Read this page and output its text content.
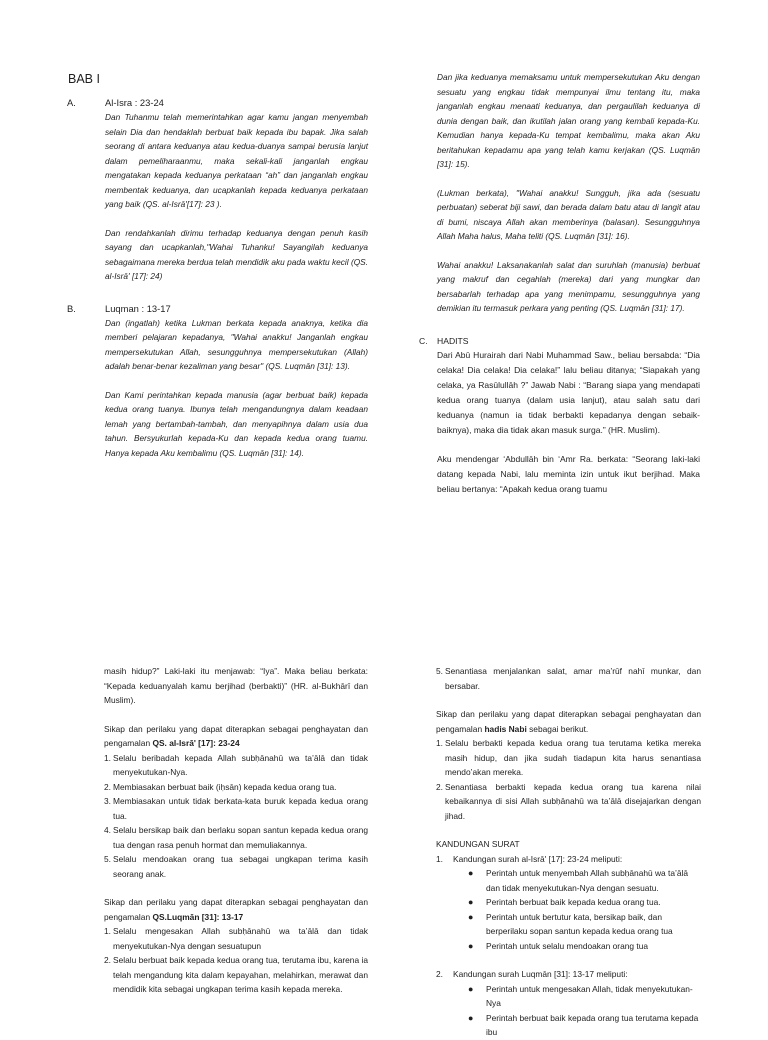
BAB I
A.	Al-Isra : 23-24

Dan Tuhanmu telah memerintahkan agar kamu jangan menyembah selain Dia dan hendaklah berbuat baik kepada ibu bapak. Jika salah seorang di antara keduanya atau kedua-duanya sampai berusia lanjut dalam pemeliharaanmu, maka sekali-kali janganlah engkau mengatakan kepada keduanya perkataan “ah” dan janganlah engkau membentak keduanya, dan ucapkanlah kepada keduanya perkataan yang baik (QS. al-Isrā'[17]: 23 ).

Dan rendahkanlah dirimu terhadap keduanya dengan penuh kasih sayang dan ucapkanlah,"Wahai Tuhanku! Sayangilah keduanya sebagaimana mereka berdua telah mendidik aku pada waktu kecil (QS. al-Isrā' [17]: 24)

B.	Luqman : 13-17

Dan (ingatlah) ketika Lukman berkata kepada anaknya, ketika dia memberi pelajaran kepadanya, "Wahai anakku! Janganlah engkau mempersekutukan Allah, sesungguhnya mempersekutukan (Allah) adalah benar-benar kezaliman yang besar" (QS. Luqmān [31]: 13).

Dan Kami perintahkan kepada manusia (agar berbuat baik) kepada kedua orang tuanya. Ibunya telah mengandungnya dalam keadaan lemah yang bertambah-tambah, dan menyapihnya dalam usia dua tahun. Bersyukurlah kepada-Ku dan kepada kedua orang tuamu. Hanya kepada Aku kembalimu (QS. Luqmān [31]: 14).

Dan jika keduanya memaksamu untuk mempersekutukan Aku dengan sesuatu yang engkau tidak mempunyai ilmu tentang itu, maka janganlah engkau menaati keduanya, dan pergaulilah keduanya di dunia dengan baik, dan ikutilah jalan orang yang kembali kepada-Ku. Kemudian hanya kepada-Ku tempat kembalimu, maka akan Aku beritahukan kepadamu apa yang telah kamu kerjakan (QS. Luqmān [31]: 15).

(Lukman berkata), "Wahai anakku! Sungguh, jika ada (sesuatu perbuatan) seberat biji sawi, dan berada dalam batu atau di langit atau di bumi, niscaya Allah akan memberinya (balasan). Sesungguhnya Allah Maha halus, Maha teliti (QS. Luqmān [31]: 16).

Wahai anakku! Laksanakanlah salat dan suruhlah (manusia) berbuat yang makruf dan cegahlah (mereka) dari yang mungkar dan bersabarlah terhadap apa yang menimpamu, sesungguhnya yang demikian itu termasuk perkara yang penting (QS. Luqmān [31]: 17).

C. HADITS

Dari Abū Hurairah dari Nabi Muhammad Saw., beliau bersabda: “Dia celaka! Dia celaka! Dia celaka!” lalu beliau ditanya; “Siapakah yang celaka, ya Rasūlullāh ?” Jawab Nabi : “Barang siapa yang mendapati kedua orang tuanya (dalam usia lanjut), atau salah satu dari keduanya (namun ia tidak berbakti kepadanya dengan sebaik-baiknya), maka dia tidak akan masuk surga.” (HR. Muslim).

Aku mendengar ‘Abdullāh bin ‘Amr Ra. berkata: “Seorang laki-laki datang kepada Nabi, lalu meminta izin untuk ikut berjihad. Maka beliau bertanya: “Apakah kedua orang tuamu

masih hidup?” Laki-laki itu menjawab: “Iya”. Maka beliau berkata: “Kepada keduanyalah kamu berjihad (berbakti)” (HR. al-Bukhārī dan Muslim).

Sikap dan perilaku yang dapat diterapkan sebagai penghayatan dan pengamalan QS. al-Isrā' [17]: 23-24

1. Selalu beribadah kepada Allah subḥānahū wa ta’ālā dan tidak menyekutukan-Nya.
2. Membiasakan berbuat baik (iḥsān) kepada kedua orang tua.
3. Membiasakan untuk tidak berkata-kata buruk kepada kedua orang tua.
4. Selalu bersikap baik dan berlaku sopan santun kepada kedua orang tua dengan rasa penuh hormat dan memuliakannya.
5. Selalu mendoakan orang tua sebagai ungkapan terima kasih seorang anak.

Sikap dan perilaku yang dapat diterapkan sebagai penghayatan dan pengamalan QS.Luqmān [31]: 13-17

1. Selalu mengesakan Allah subḥānahū wa ta’ālā dan tidak menyekutukan-Nya dengan sesuatupun
2. Selalu berbuat baik kepada kedua orang tua, terutama ibu, karena ia telah mengandung kita dalam kepayahan, melahirkan, merawat dan mendidik kita sebagai ungkapan terima kasih kepada mereka.
5. Senantiasa menjalankan salat, amar ma’rūf nahī munkar, dan bersabar.

Sikap dan perilaku yang dapat diterapkan sebagai penghayatan dan pengamalan hadis Nabi sebagai berikut.

1. Selalu berbakti kepada kedua orang tua terutama ketika mereka masih hidup, dan jika sudah tiadapun kita harus senantiasa mendo’akan mereka.
2. Senantiasa berbakti kepada kedua orang tua karena nilai kebaikannya di sisi Allah subḥānahū wa ta’ālā disejajarkan dengan jihad.
KANDUNGAN SURAT
1. Kandungan surah al-Isrā' [17]: 23-24 meliputi:
● Perintah untuk menyembah Allah subḥānahū wa ta’ālā dan tidak menyekutukan-Nya dengan sesuatu.
● Perintah berbuat baik kepada kedua orang tua.
● Perintah untuk bertutur kata, bersikap baik, dan berperilaku sopan santun kepada kedua orang tua
● Perintah untuk selalu mendoakan orang tua
2. Kandungan surah Luqmān [31]: 13-17 meliputi:
● Perintah untuk mengesakan Allah, tidak menyekutukan-Nya
● Perintah berbuat baik kepada orang tua terutama kepada ibu
